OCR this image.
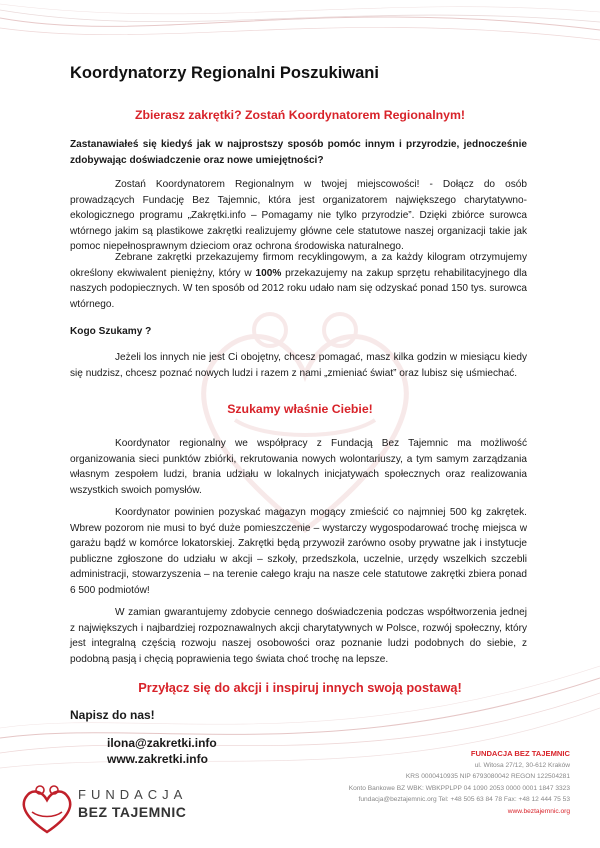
Koordynatorzy Regionalni Poszukiwani

Zbierasz zakrętki? Zostań Koordynatorem Regionalnym!

Zastanawiałeś się kiedyś jak w najprostszy sposób pomóc innym i przyrodzie, jednocześnie zdobywając doświadczenie oraz nowe umiejętności?

Zostań Koordynatorem Regionalnym w twojej miejscowości! - Dołącz do osób prowadzących Fundację Bez Tajemnic, która jest organizatorem największego charytatywno-ekologicznego programu „Zakrętki.info – Pomagamy nie tylko przyrodzie”. Dzięki zbiórce surowca wtórnego jakim są plastikowe zakrętki realizujemy główne cele statutowe naszej organizacji takie jak pomoc niepełnosprawnym dzieciom oraz ochrona środowiska naturalnego.

Zebrane zakrętki przekazujemy firmom recyklingowym, a za każdy kilogram otrzymujemy określony ekwiwalent pieniężny, który w 100% przekazujemy na zakup sprzętu rehabilitacyjnego dla naszych podopiecznych. W ten sposób od 2012 roku udało nam się odzyskać ponad 150 tys. surowca wtórnego.

Kogo Szukamy ?

Jeżeli los innych nie jest Ci obojętny, chcesz pomagać, masz kilka godzin w miesiącu kiedy się nudzisz, chcesz poznać nowych ludzi i razem z nami „zmieniać świat” oraz lubisz się uśmiechać.

Szukamy właśnie Ciebie!

Koordynator regionalny we współpracy z Fundacją Bez Tajemnic ma możliwość organizowania sieci punktów zbiórki, rekrutowania nowych wolontariuszy, a tym samym zarządzania własnym zespołem ludzi, brania udziału w lokalnych inicjatywach społecznych oraz realizowania wszystkich swoich pomysłów.

Koordynator powinien pozyskać magazyn mogący zmieścić co najmniej 500 kg zakrętek. Wbrew pozorom nie musi to być duże pomieszczenie – wystarczy wygospodarować trochę miejsca w garażu bądź w komórce lokatorskiej. Zakrętki będą przywoził zarówno osoby prywatne jak i instytucje publiczne zgłoszone do udziału w akcji – szkoły, przedszkola, uczelnie, urzędy wszelkich szczebli administracji, stowarzyszenia – na terenie całego kraju na nasze cele statutowe zakrętki zbiera ponad 6 500 podmiotów!

W zamian gwarantujemy zdobycie cennego doświadczenia podczas współtworzenia jednej z największych i najbardziej rozpoznawalnych akcji charytatywnych w Polsce, rozwój społeczny, który jest integralną częścią rozwoju naszej osobowości oraz poznanie ludzi podobnych do siebie, z podobną pasją i chęcią poprawienia tego świata choć trochę na lepsze.

Przyłącz się do akcji i inspiruj innych swoją postawą!

Napisz do nas!

ilona@zakretki.info

www.zakretki.info	FUNDACJA BEZ TAJEMNIC
ul. Witosa 27/12, 30-612 Kraków
KRS 0000410935 NIP 6793080042 REGON 122504281
Konto Bankowe BZ WBK: WBKPPLPP 04 1090 2053 0000 0001 1847 3323
fundacja@beztajemnic.org Tel: +48 505 63 84 78 Fax: +48 12 444 75 53
www.beztajemnic.org
FUNDACJA
BEZ TAJEMNIC
